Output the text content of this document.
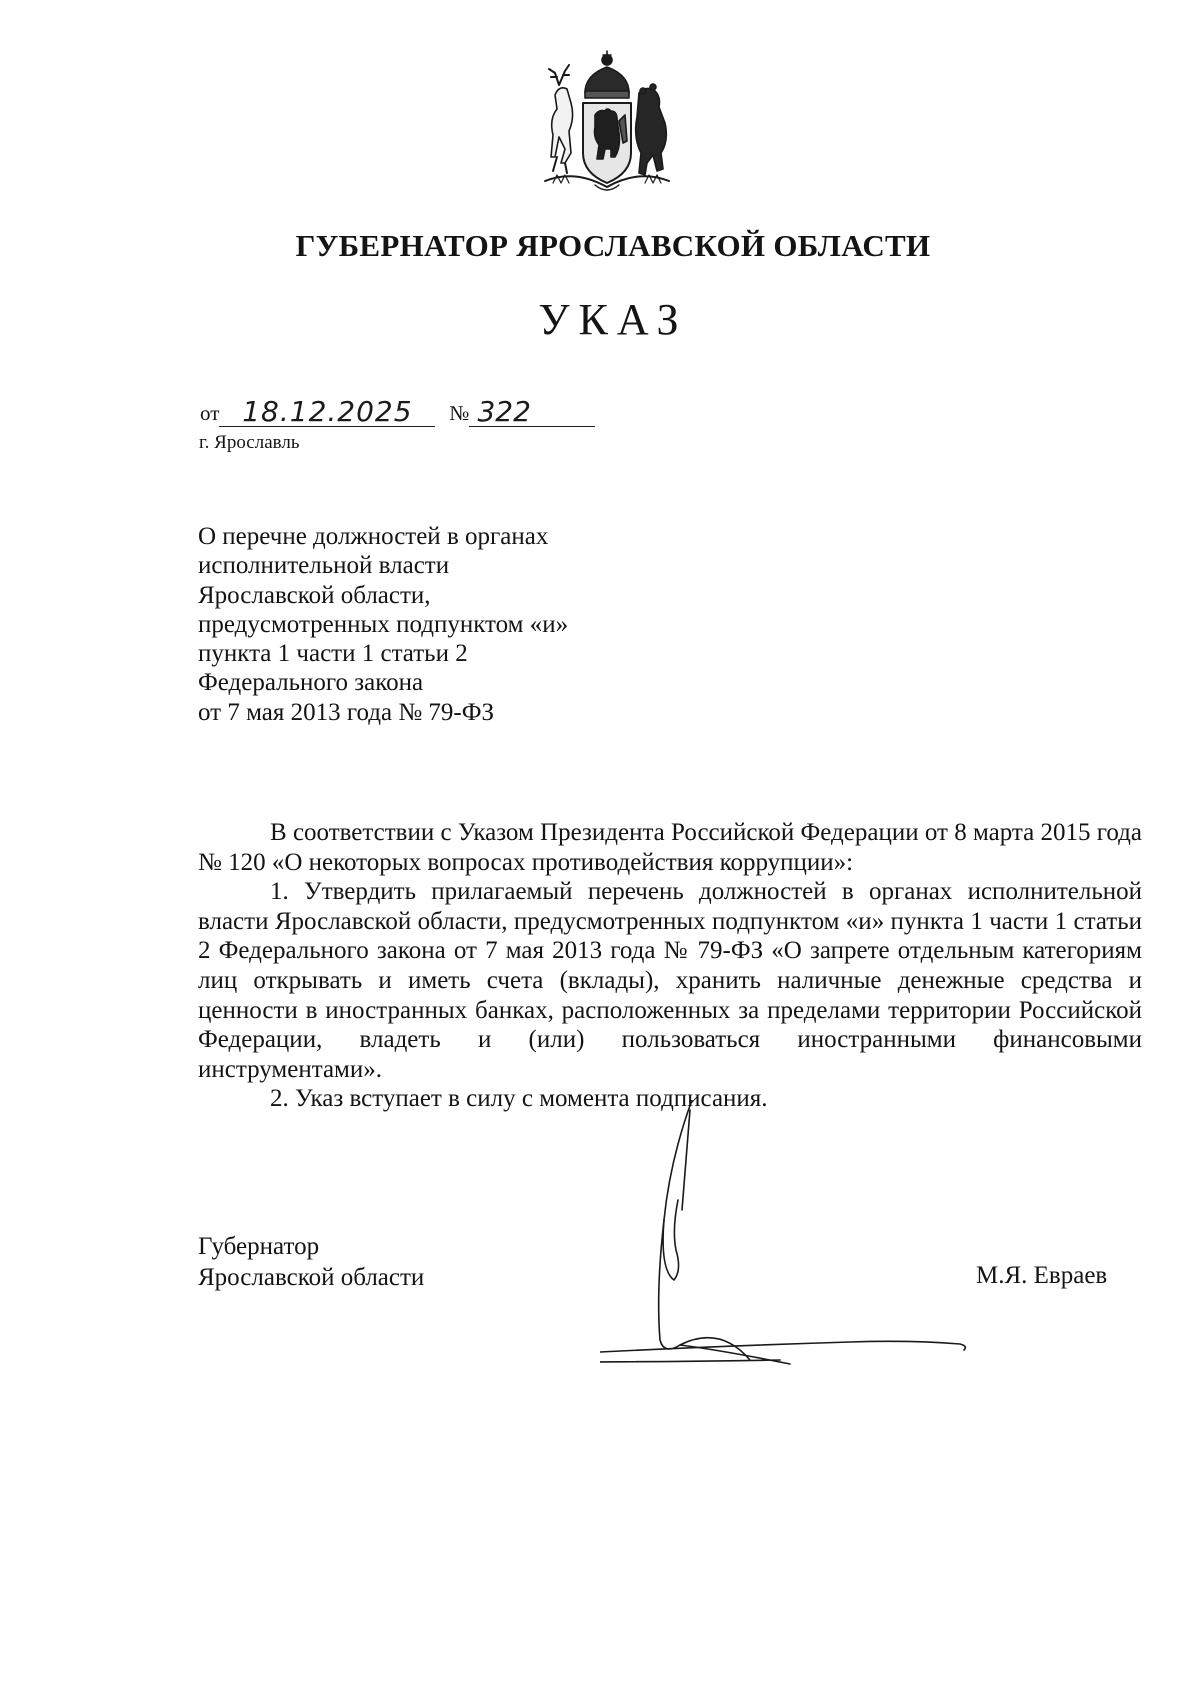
ГУБЕРНАТОР ЯРОСЛАВСКОЙ ОБЛАСТИ
УКАЗ
от 18.12.2025 № 322
г. Ярославль
О перечне должностей в органах
исполнительной власти
Ярославской области,
предусмотренных подпунктом «и»
пункта 1 части 1 статьи 2
Федерального закона
от 7 мая 2013 года № 79-ФЗ

В соответствии с Указом Президента Российской Федерации от 8 марта 2015 года № 120 «О некоторых вопросах противодействия коррупции»:

1. Утвердить прилагаемый перечень должностей в органах исполнительной власти Ярославской области, предусмотренных подпунктом «и» пункта 1 части 1 статьи 2 Федерального закона от 7 мая 2013 года № 79-ФЗ «О запрете отдельным категориям лиц открывать и иметь счета (вклады), хранить наличные денежные средства и ценности в иностранных банках, расположенных за пределами территории Российской Федерации, владеть и (или) пользоваться иностранными финансовыми инструментами».

2. Указ вступает в силу с момента подписания.

Губернатор
Ярославской области	М.Я. Евраев
